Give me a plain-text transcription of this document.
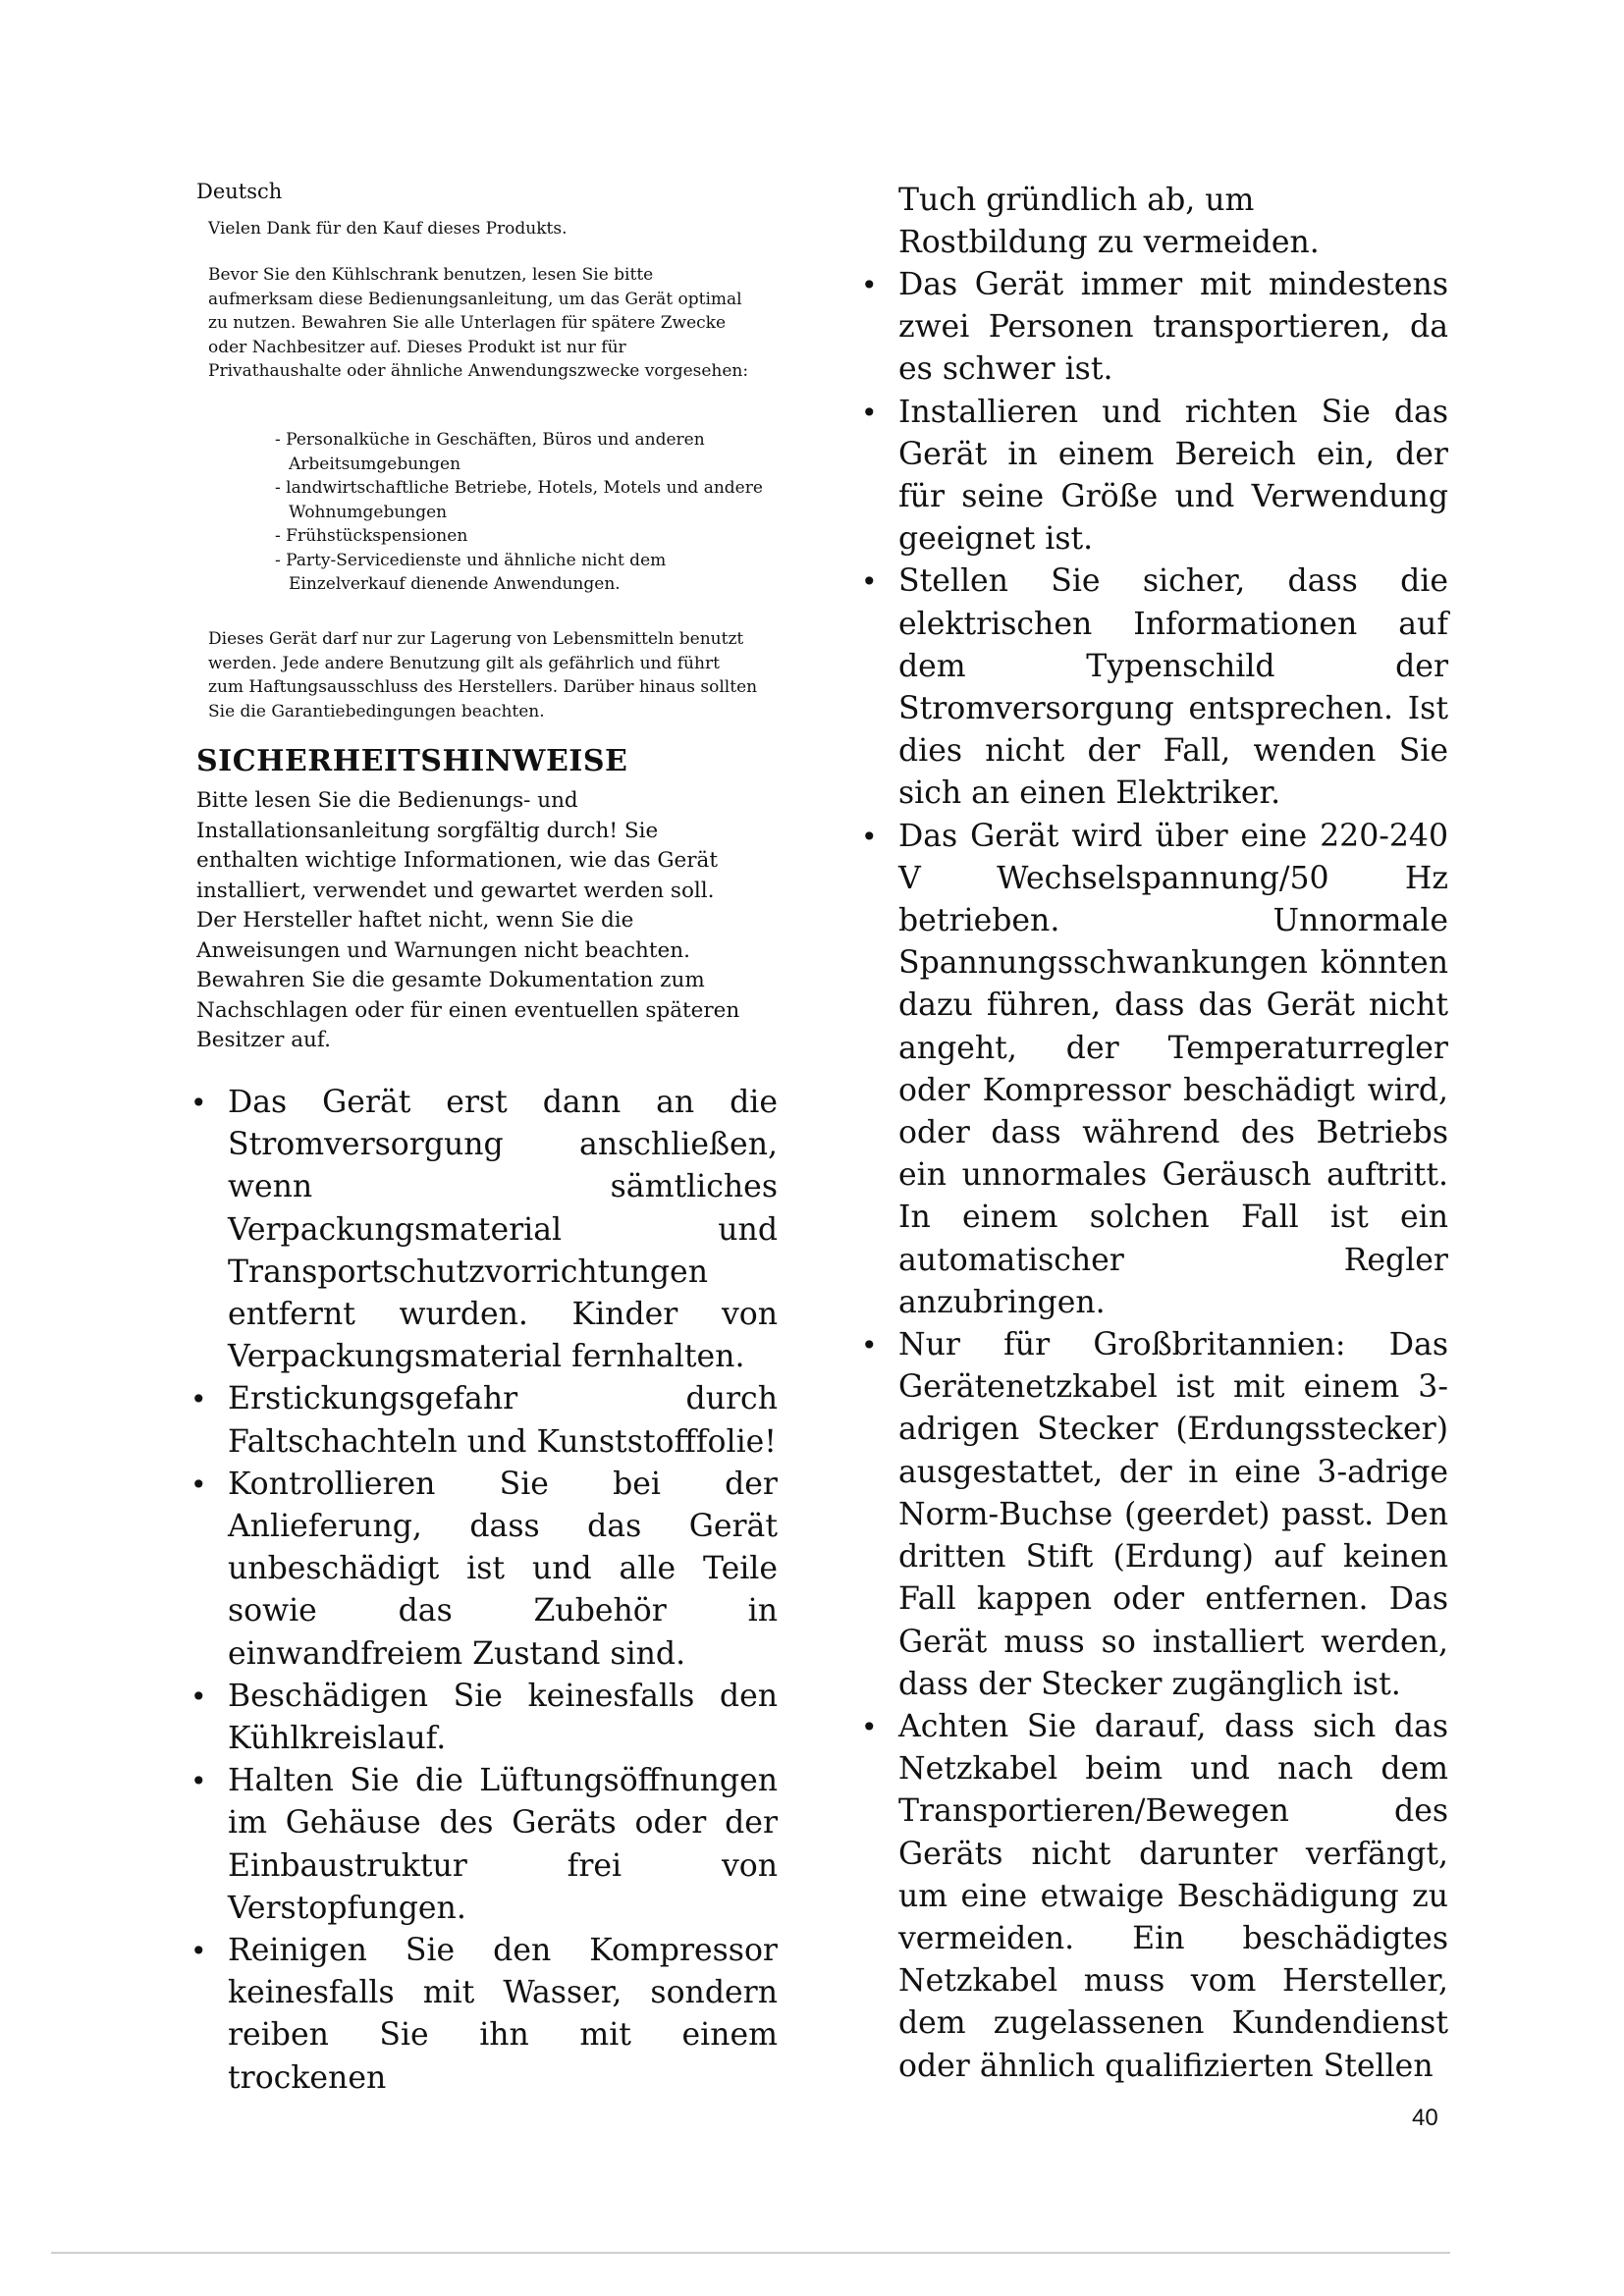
Deutsch
Vielen Dank für den Kauf dieses Produkts.
Bevor Sie den Kühlschrank benutzen, lesen Sie bitte aufmerksam diese Bedienungsanleitung, um das Gerät optimal zu nutzen. Bewahren Sie alle Unterlagen für spätere Zwecke oder Nachbesitzer auf. Dieses Produkt ist nur für Privathaushalte oder ähnliche Anwendungszwecke vorgesehen:
- Personalküche in Geschäften, Büros und anderen Arbeitsumgebungen
- landwirtschaftliche Betriebe, Hotels, Motels und andere Wohnumgebungen
- Frühstückspensionen
- Party-Servicedienste und ähnliche nicht dem Einzelverkauf dienende Anwendungen.
Dieses Gerät darf nur zur Lagerung von Lebensmitteln benutzt werden. Jede andere Benutzung gilt als gefährlich und führt zum Haftungsausschluss des Herstellers. Darüber hinaus sollten Sie die Garantiebedingungen beachten.
SICHERHEITSHINWEISE
Bitte lesen Sie die Bedienungs- und Installationsanleitung sorgfältig durch! Sie enthalten wichtige Informationen, wie das Gerät installiert, verwendet und gewartet werden soll. Der Hersteller haftet nicht, wenn Sie die Anweisungen und Warnungen nicht beachten. Bewahren Sie die gesamte Dokumentation zum Nachschlagen oder für einen eventuellen späteren Besitzer auf.
• Das Gerät erst dann an die Stromversorgung anschließen, wenn sämtliches Verpackungsmaterial und Transportschutzvorrichtungen entfernt wurden. Kinder von Verpackungsmaterial fernhalten.
• Erstickungsgefahr durch Faltschachteln und Kunststofffolie!
• Kontrollieren Sie bei der Anlieferung, dass das Gerät unbeschädigt ist und alle Teile sowie das Zubehör in einwandfreiem Zustand sind.
• Beschädigen Sie keinesfalls den Kühlkreislauf.
• Halten Sie die Lüftungsöffnungen im Gehäuse des Geräts oder der Einbaustruktur frei von Verstopfungen.
• Reinigen Sie den Kompressor keinesfalls mit Wasser, sondern reiben Sie ihn mit einem trockenen
Tuch gründlich ab, um Rostbildung zu vermeiden.
• Das Gerät immer mit mindestens zwei Personen transportieren, da es schwer ist.
• Installieren und richten Sie das Gerät in einem Bereich ein, der für seine Größe und Verwendung geeignet ist.
• Stellen Sie sicher, dass die elektrischen Informationen auf dem Typenschild der Stromversorgung entsprechen. Ist dies nicht der Fall, wenden Sie sich an einen Elektriker.
• Das Gerät wird über eine 220-240 V Wechselspannung/50 Hz betrieben. Unnormale Spannungsschwankungen könnten dazu führen, dass das Gerät nicht angeht, der Temperaturregler oder Kompressor beschädigt wird, oder dass während des Betriebs ein unnormales Geräusch auftritt. In einem solchen Fall ist ein automatischer Regler anzubringen.
• Nur für Großbritannien: Das Gerätenetzkabel ist mit einem 3-adrigen Stecker (Erdungsstecker) ausgestattet, der in eine 3-adrige Norm-Buchse (geerdet) passt. Den dritten Stift (Erdung) auf keinen Fall kappen oder entfernen. Das Gerät muss so installiert werden, dass der Stecker zugänglich ist.
• Achten Sie darauf, dass sich das Netzkabel beim und nach dem Transportieren/Bewegen des Geräts nicht darunter verfängt, um eine etwaige Beschädigung zu vermeiden. Ein beschädigtes Netzkabel muss vom Hersteller, dem zugelassenen Kundendienst oder ähnlich qualifizierten Stellen
40
